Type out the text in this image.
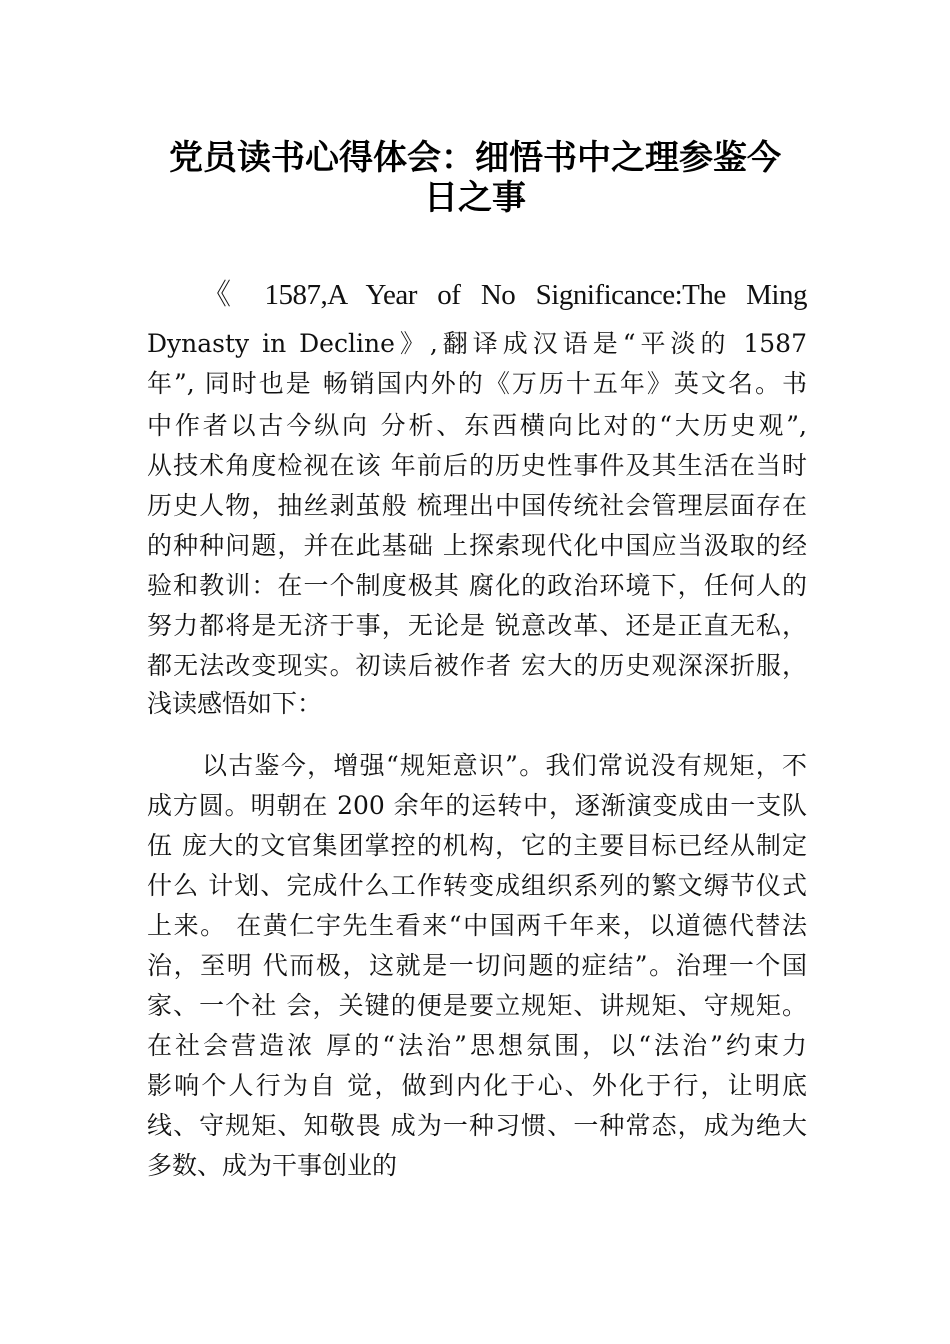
党员读书心得体会：细悟书中之理参鉴今
日之事
《 1587,A Year of No Significance:The Ming
Dynasty in Decline》,翻译成汉语是“平淡的 1587
年”, 同时也是 畅销国内外的《万历十五年》英文名。书
中作者以古今纵向 分析、东西横向比对的“大历史观”,
从技术角度检视在该 年前后的历史性事件及其生活在当时
历史人物，抽丝剥茧般 梳理出中国传统社会管理层面存在
的种种问题，并在此基础 上探索现代化中国应当汲取的经
验和教训：在一个制度极其 腐化的政治环境下，任何人的
努力都将是无济于事，无论是 锐意改革、还是正直无私，
都无法改变现实。初读后被作者 宏大的历史观深深折服，
浅读感悟如下：
以古鉴今，增强“规矩意识”。我们常说没有规矩，不
成方圆。明朝在 200 余年的运转中，逐渐演变成由一支队
伍 庞大的文官集团掌控的机构，它的主要目标已经从制定
什么 计划、完成什么工作转变成组织系列的繁文缛节仪式
上来。 在黄仁宇先生看来“中国两千年来，以道德代替法
治，至明 代而极，这就是一切问题的症结”。治理一个国
家、一个社 会，关键的便是要立规矩、讲规矩、守规矩。
在社会营造浓 厚的“法治”思想氛围，以“法治”约束力
影响个人行为自 觉，做到内化于心、外化于行，让明底
线、守规矩、知敬畏 成为一种习惯、一种常态，成为绝大
多数、成为干事创业的
